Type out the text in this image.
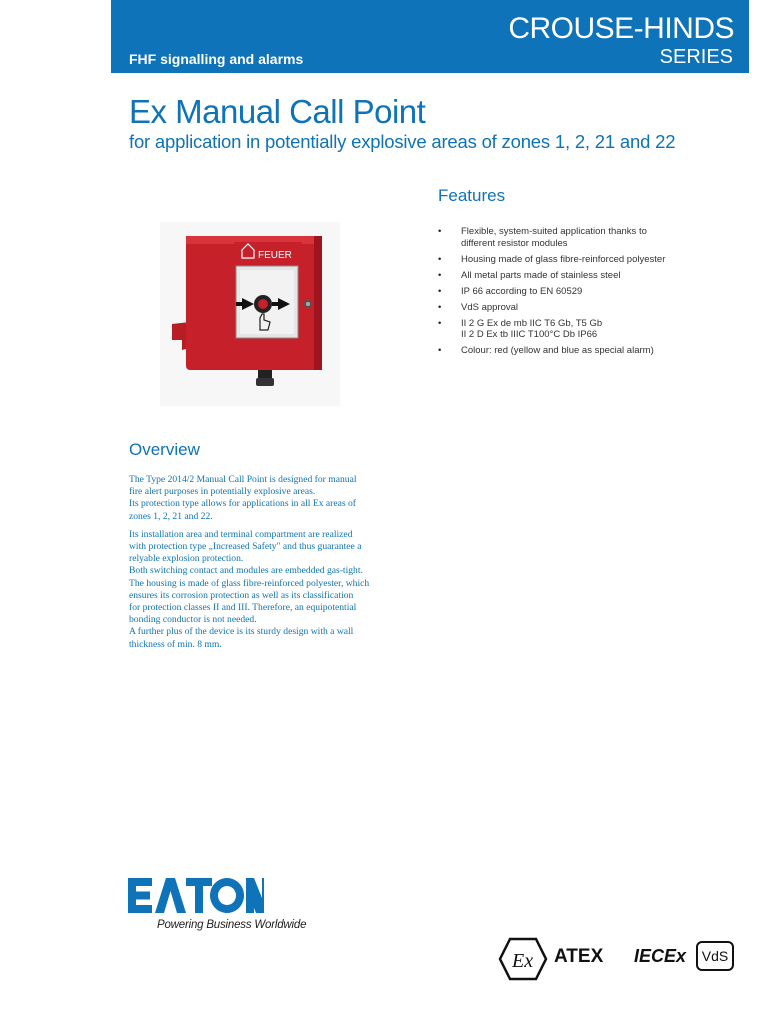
FHF signalling and alarms
CROUSE-HINDS
SERIES
Ex Manual Call Point
for application in potentially explosive areas of zones 1, 2, 21 and 22
FEUER
Features
• Flexible, system-suited application thanks to
different resistor modules
• Housing made of glass fibre-reinforced polyester
• All metal parts made of stainless steel
• IP 66 according to EN 60529
• VdS approval
• II 2 G Ex de mb IIC T6 Gb, T5 Gb
II 2 D Ex tb IIIC T100°C Db IP66
• Colour: red (yellow and blue as special alarm)
Overview

The Type 2014/2 Manual Call Point is designed for manual
fire alert purposes in potentially explosive areas.
Its protection type allows for applications in all Ex areas of
zones 1, 2, 21 and 22.

Its installation area and terminal compartment are realized
with protection type „Increased Safety" and thus guarantee a
relyable explosion protection.
Both switching contact and modules are embedded gas-tight.
The housing is made of glass fibre-reinforced polyester, which
ensures its corrosion protection as well as its classification
for protection classes II and III. Therefore, an equipotential
bonding conductor is not needed.
A further plus of the device is its sturdy design with a wall
thickness of min. 8 mm.

Powering Business Worldwide
Ex ATEX IECEx	VdS
